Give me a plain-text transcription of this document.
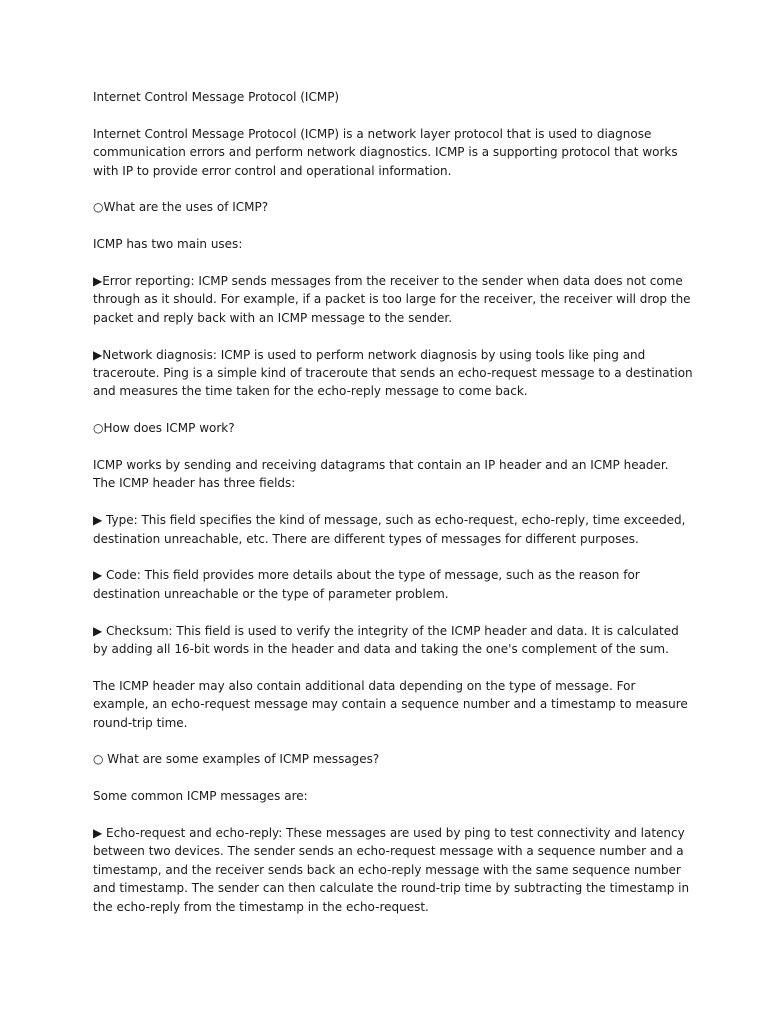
Internet Control Message Protocol (ICMP)

Internet Control Message Protocol (ICMP) is a network layer protocol that is used to diagnose communication errors and perform network diagnostics. ICMP is a supporting protocol that works with IP to provide error control and operational information.

○What are the uses of ICMP?

ICMP has two main uses:

▶Error reporting: ICMP sends messages from the receiver to the sender when data does not come through as it should. For example, if a packet is too large for the receiver, the receiver will drop the packet and reply back with an ICMP message to the sender.

▶Network diagnosis: ICMP is used to perform network diagnosis by using tools like ping and traceroute. Ping is a simple kind of traceroute that sends an echo-request message to a destination and measures the time taken for the echo-reply message to come back.

○How does ICMP work?

ICMP works by sending and receiving datagrams that contain an IP header and an ICMP header. The ICMP header has three fields:

▶ Type: This field specifies the kind of message, such as echo-request, echo-reply, time exceeded, destination unreachable, etc. There are different types of messages for different purposes.

▶ Code: This field provides more details about the type of message, such as the reason for destination unreachable or the type of parameter problem.

▶ Checksum: This field is used to verify the integrity of the ICMP header and data. It is calculated by adding all 16-bit words in the header and data and taking the one's complement of the sum.

The ICMP header may also contain additional data depending on the type of message. For example, an echo-request message may contain a sequence number and a timestamp to measure round-trip time.

○ What are some examples of ICMP messages?

Some common ICMP messages are:

▶ Echo-request and echo-reply: These messages are used by ping to test connectivity and latency between two devices. The sender sends an echo-request message with a sequence number and a timestamp, and the receiver sends back an echo-reply message with the same sequence number and timestamp. The sender can then calculate the round-trip time by subtracting the timestamp in the echo-reply from the timestamp in the echo-request.
